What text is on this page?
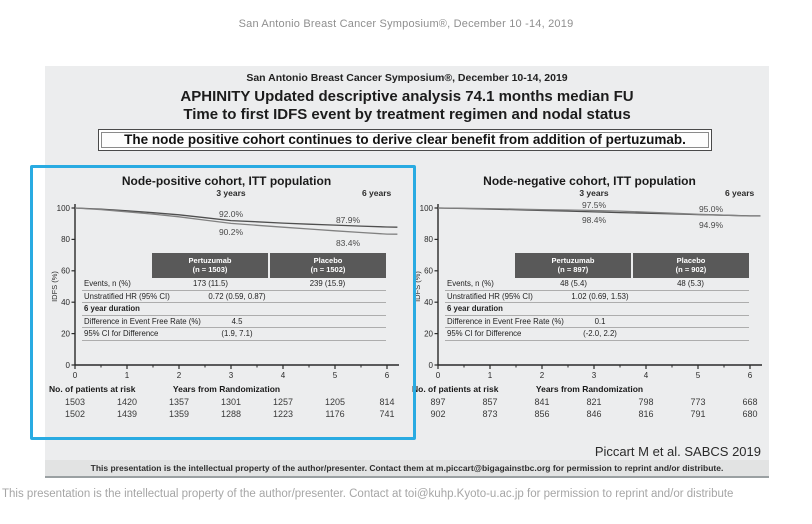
San Antonio Breast Cancer Symposium®, December 10 -14, 2019
San Antonio Breast Cancer Symposium®, December 10-14, 2019
APHINITY Updated descriptive analysis 74.1 months median FU
Time to first IDFS event by treatment regimen and nodal status
The node positive cohort continues to derive clear benefit from addition of pertuzumab.
Node-positive cohort, ITT population
3 years	6 years
0
20
40
60
80
100
0	1	2	3	4	5	6
IDFS (%)
92.0%
90.2%
87.9%
83.4%
Pertuzumab
(n = 1503)
Placebo
(n = 1502)
Events, n (%)	173 (11.5)	239 (15.9)
Unstratified HR (95% CI)	0.72 (0.59, 0.87)
6 year duration
Difference in Event Free Rate (%)	4.5
95% CI for Difference	(1.9, 7.1)
No. of patients at risk	Years from Randomization
1503	1420	1357	1301	1257	1205	814
1502	1439	1359	1288	1223	1176	741
Node-negative cohort, ITT population
3 years	6 years
0
20
40
60
80
100
0	1	2	3	4	5	6
IDFS (%)
97.5%
98.4%
95.0%
94.9%
Pertuzumab
(n = 897)
Placebo
(n = 902)
Events, n (%)	48 (5.4)	48 (5.3)
Unstratified HR (95% CI)	1.02 (0.69, 1.53)
6 year duration
Difference in Event Free Rate (%)	0.1
95% CI for Difference	(-2.0, 2.2)
No. of patients at risk	Years from Randomization
897	857	841	821	798	773	668
902	873	856	846	816	791	680
Piccart M et al. SABCS 2019
This presentation is the intellectual property of the author/presenter. Contact them at m.piccart@bigagainstbc.org for permission to reprint and/or distribute.
This presentation is the intellectual property of the author/presenter. Contact at toi@kuhp.Kyoto-u.ac.jp for permission to reprint and/or distribute
